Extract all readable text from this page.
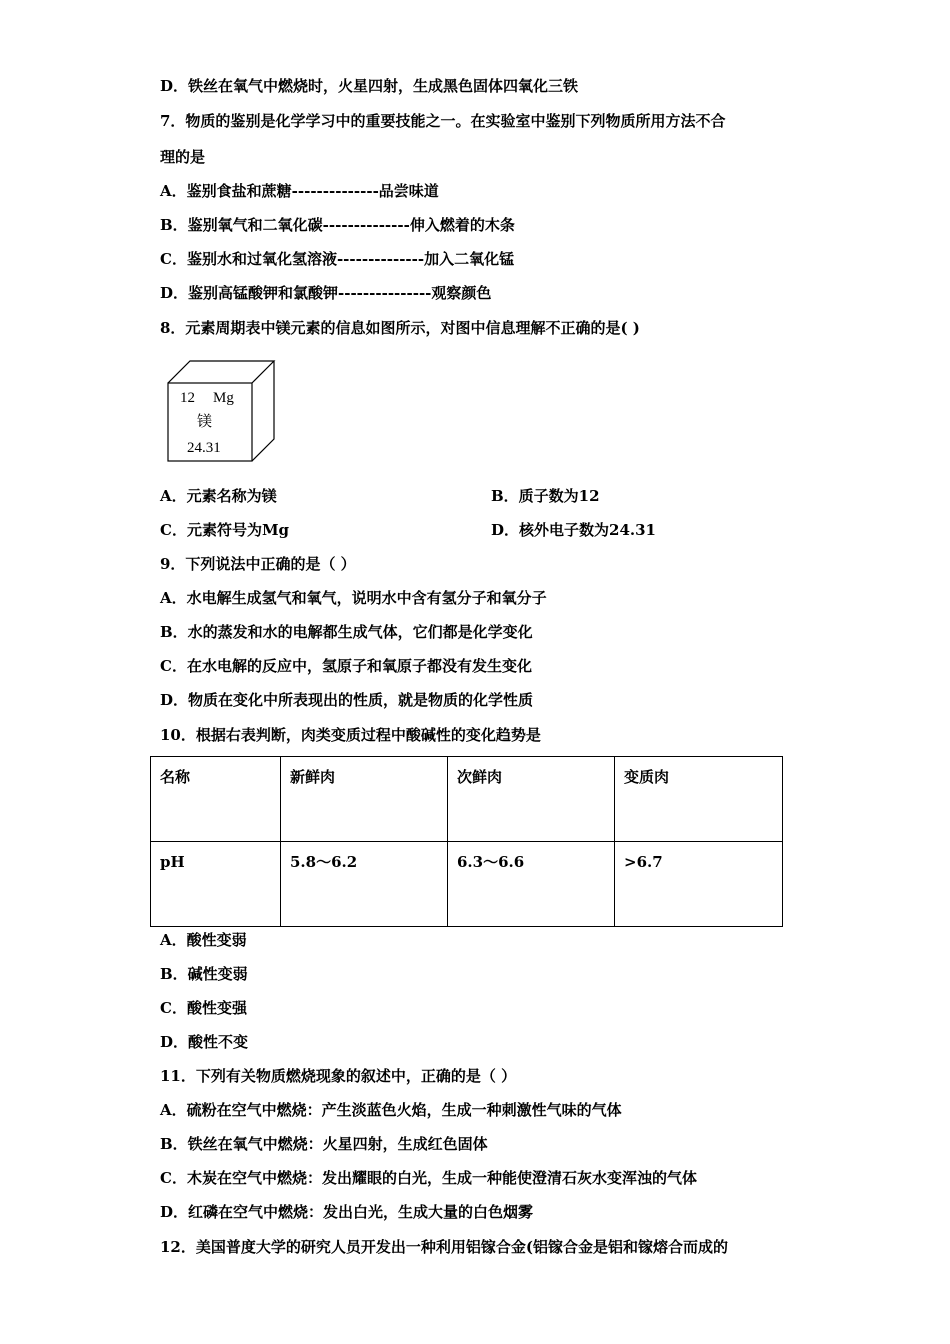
D．铁丝在氧气中燃烧时，火星四射，生成黑色固体四氧化三铁
7．物质的鉴别是化学学习中的重要技能之一。在实验室中鉴别下列物质所用方法不合
理的是
A．鉴别食盐和蔗糖--------------品尝味道
B．鉴别氧气和二氧化碳--------------伸入燃着的木条
C．鉴别水和过氧化氢溶液--------------加入二氧化锰
D．鉴别高锰酸钾和氯酸钾---------------观察颜色
8．元素周期表中镁元素的信息如图所示，对图中信息理解不正确的是( )
12 Mg
镁
24.31
A．元素名称为镁	B．质子数为12
C．元素符号为Mg	D．核外电子数为24.31
9．下列说法中正确的是（ ）
A．水电解生成氢气和氧气，说明水中含有氢分子和氧分子
B．水的蒸发和水的电解都生成气体，它们都是化学变化
C．在水电解的反应中，氢原子和氧原子都没有发生变化
D．物质在变化中所表现出的性质，就是物质的化学性质
10．根据右表判断，肉类变质过程中酸碱性的变化趋势是
名称	新鲜肉	次鲜肉	变质肉
pH	5.8～6.2	6.3～6.6	>6.7
A．酸性变弱
B．碱性变弱
C．酸性变强
D．酸性不变
11．下列有关物质燃烧现象的叙述中，正确的是（ ）
A．硫粉在空气中燃烧：产生淡蓝色火焰，生成一种刺激性气味的气体
B．铁丝在氧气中燃烧：火星四射，生成红色固体
C．木炭在空气中燃烧：发出耀眼的白光，生成一种能使澄清石灰水变浑浊的气体
D．红磷在空气中燃烧：发出白光，生成大量的白色烟雾
12．美国普度大学的研究人员开发出一种利用铝镓合金(铝镓合金是铝和镓熔合而成的
